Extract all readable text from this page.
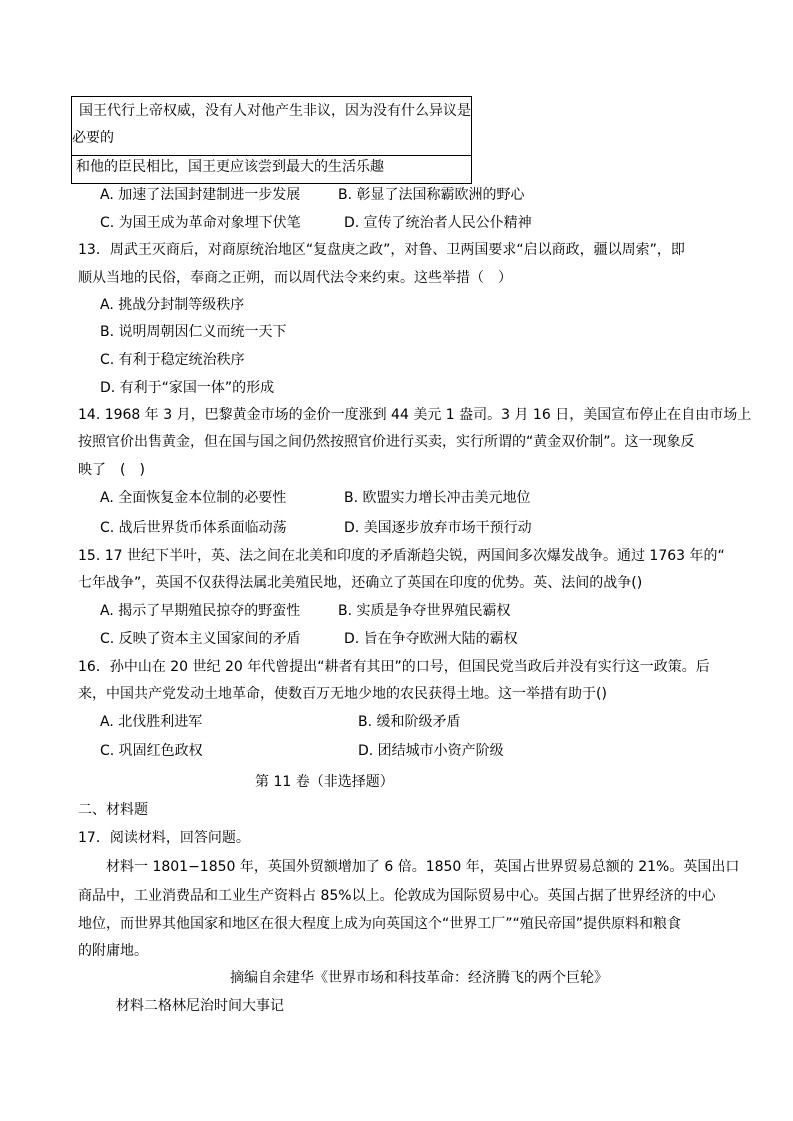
国王代行上帝权威，没有人对他产生非议，因为没有什么异议是
必要的
和他的臣民相比，国王更应该尝到最大的生活乐趣
A. 加速了法国封建制进一步发展	B. 彰显了法国称霸欧洲的野心
C. 为国王成为革命对象埋下伏笔	D. 宣传了统治者人民公仆精神
13．周武王灭商后，对商原统治地区“复盘庚之政”，对鲁、卫两国要求“启以商政，疆以周索”，即
顺从当地的民俗，奉商之正朔，而以周代法令来约束。这些举措（　）
A. 挑战分封制等级秩序
B. 说明周朝因仁义而统一天下
C. 有利于稳定统治秩序
D. 有利于“家国一体”的形成
14. 1968 年 3 月，巴黎黄金市场的金价一度涨到 44 美元 1 盎司。3 月 16 日，美国宣布停止在自由市场上
按照官价出售黄金，但在国与国之间仍然按照官价进行买卖，实行所谓的“黄金双价制”。这一现象反
映了　(　)
A. 全面恢复金本位制的必要性	B. 欧盟实力增长冲击美元地位
C. 战后世界货币体系面临动荡	D. 美国逐步放弃市场干预行动
15. 17 世纪下半叶，英、法之间在北美和印度的矛盾渐趋尖锐，两国间多次爆发战争。通过 1763 年的“
七年战争”，英国不仅获得法属北美殖民地，还确立了英国在印度的优势。英、法间的战争()
A. 揭示了早期殖民掠夺的野蛮性	B. 实质是争夺世界殖民霸权
C. 反映了资本主义国家间的矛盾	D. 旨在争夺欧洲大陆的霸权
16．孙中山在 20 世纪 20 年代曾提出“耕者有其田”的口号，但国民党当政后并没有实行这一政策。后
来，中国共产党发动土地革命，使数百万无地少地的农民获得土地。这一举措有助于()
A. 北伐胜利进军	B. 缓和阶级矛盾
C. 巩固红色政权	D. 团结城市小资产阶级
第 11 卷（非选择题）
二、材料题
17．阅读材料，回答问题。
材料一 1801−1850 年，英国外贸额增加了 6 倍。1850 年，英国占世界贸易总额的 21%。英国出口
商品中，工业消费品和工业生产资料占 85%以上。伦敦成为国际贸易中心。英国占据了世界经济的中心
地位，而世界其他国家和地区在很大程度上成为向英国这个“世界工厂”“殖民帝国”提供原料和粮食
的附庸地。
摘编自余建华《世界市场和科技革命：经济腾飞的两个巨轮》
材料二格林尼治时间大事记
